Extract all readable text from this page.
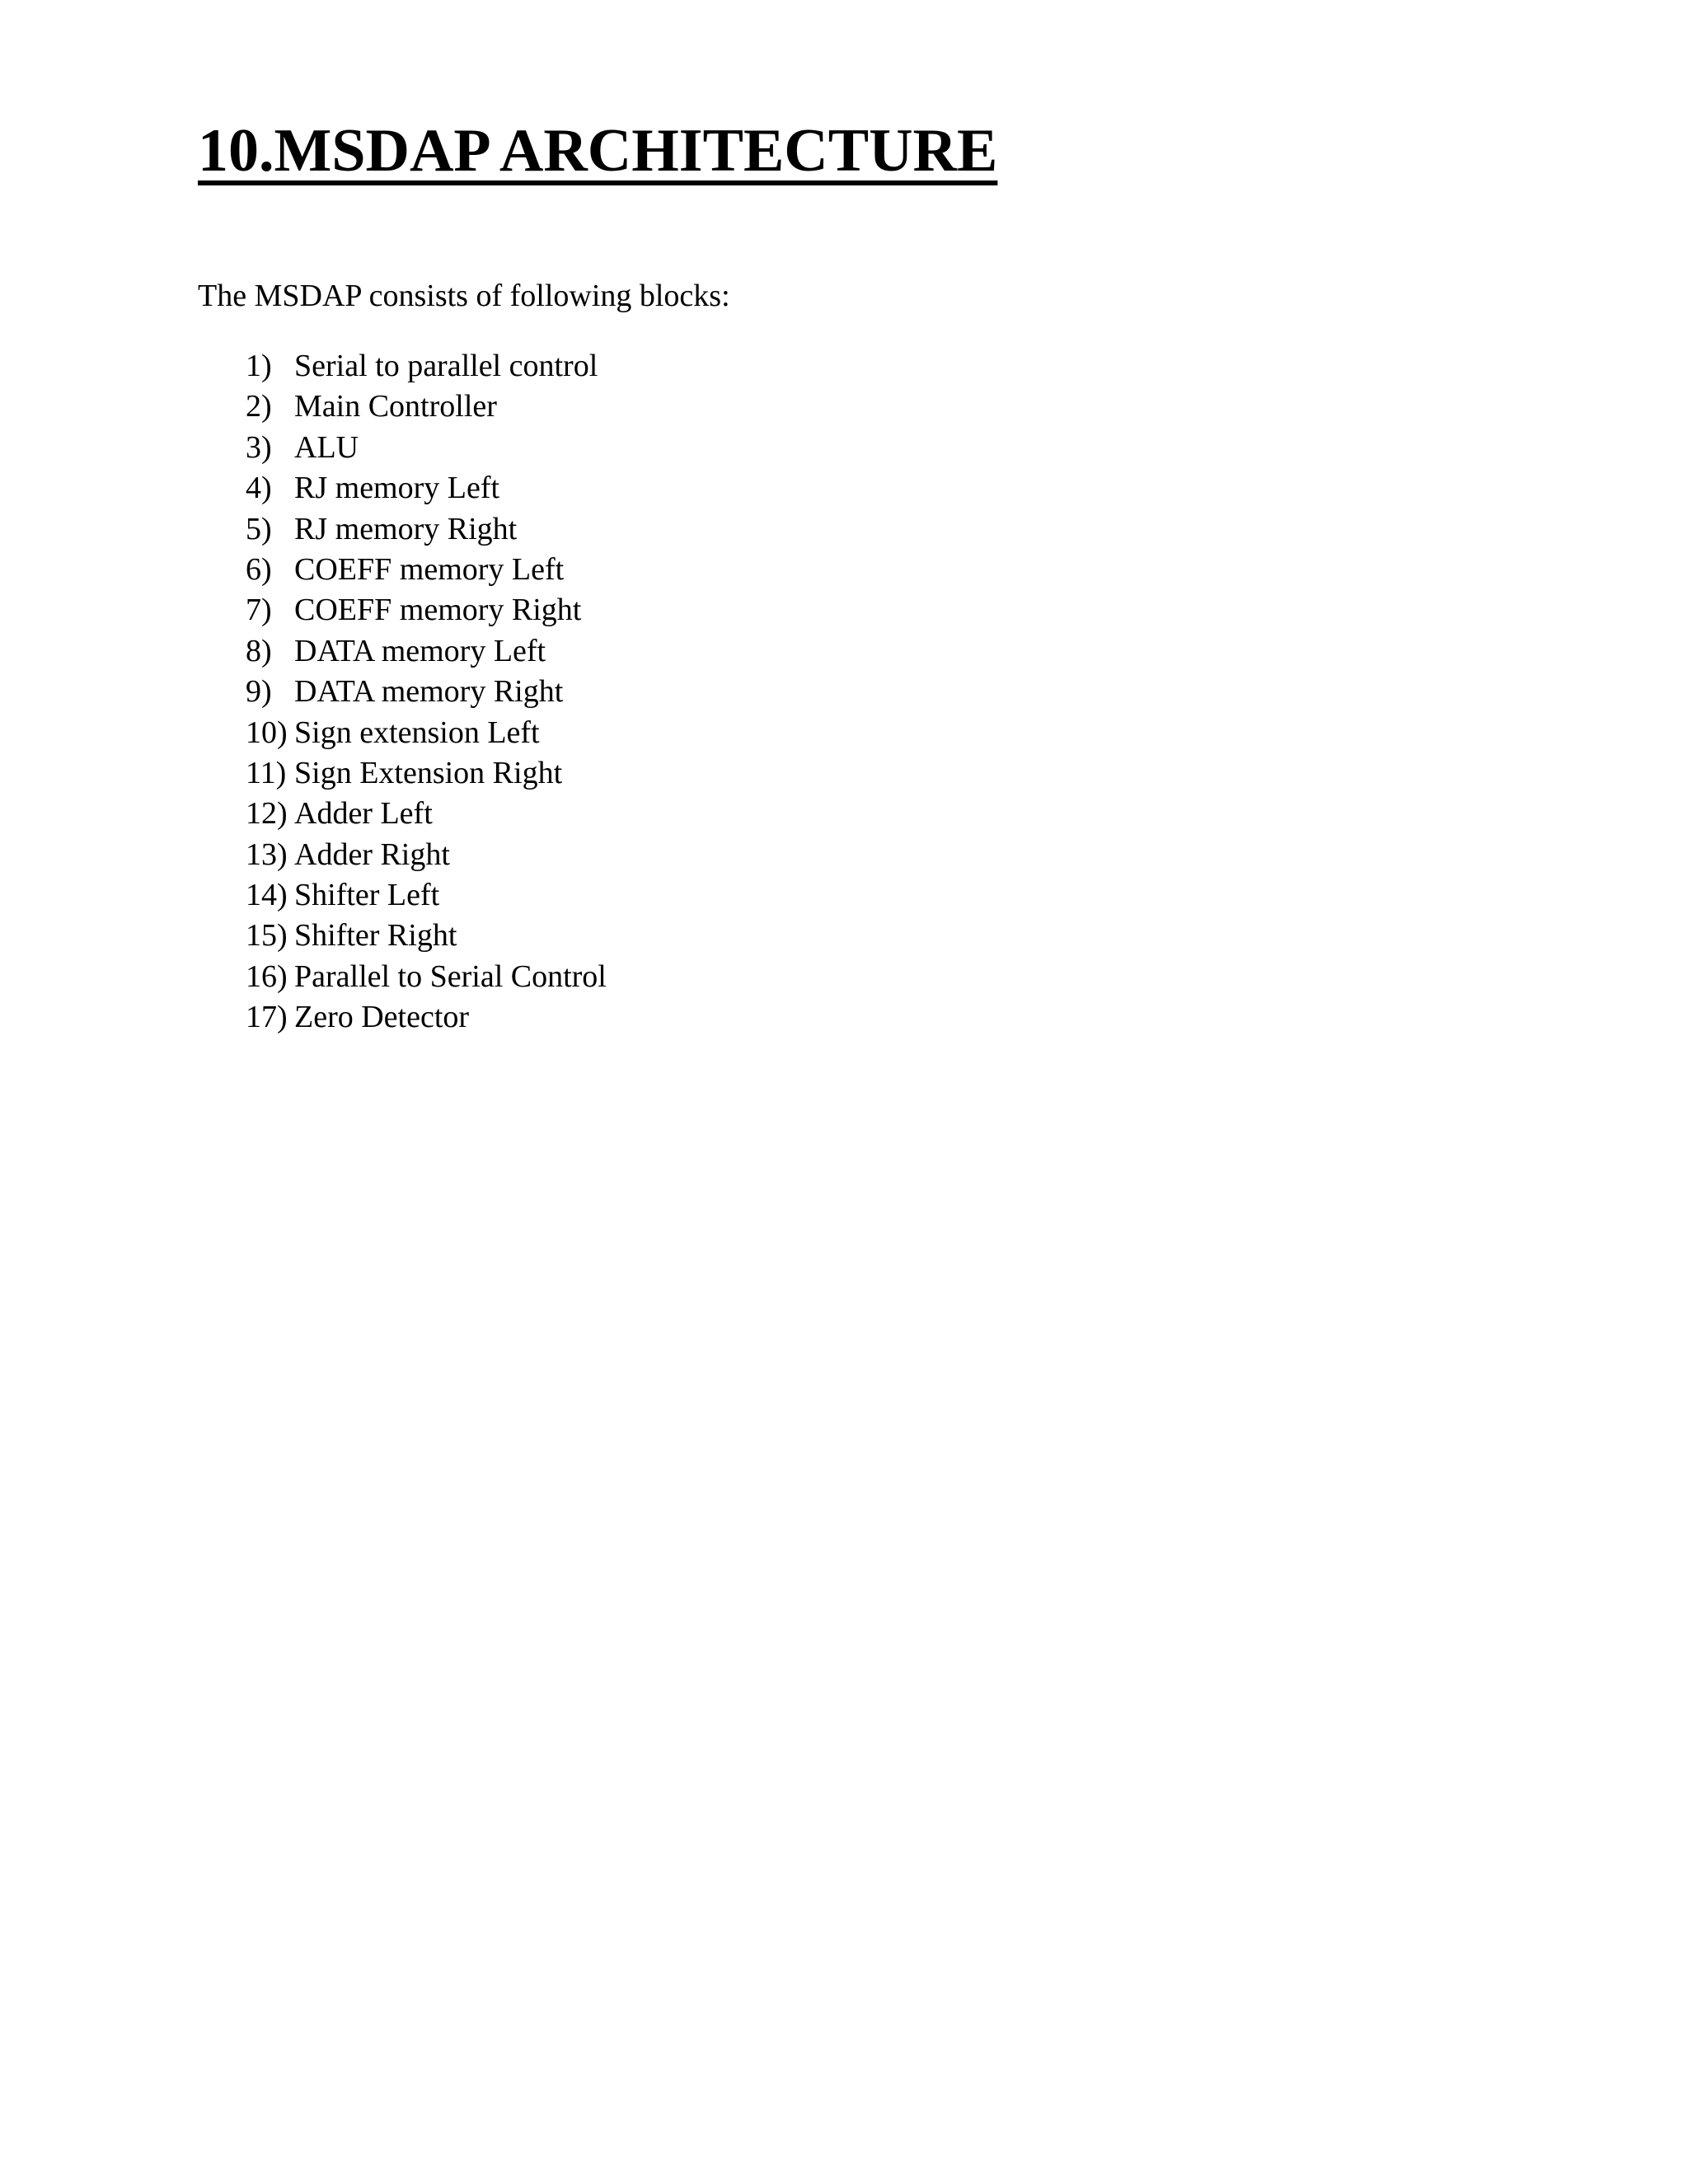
10.MSDAP ARCHITECTURE

The MSDAP consists of following blocks:

1) Serial to parallel control
2) Main Controller
3) ALU
4) RJ memory Left
5) RJ memory Right
6) COEFF memory Left
7) COEFF memory Right
8) DATA memory Left
9) DATA memory Right
10) Sign extension Left
11) Sign Extension Right
12) Adder Left
13) Adder Right
14) Shifter Left
15) Shifter Right
16) Parallel to Serial Control
17) Zero Detector
